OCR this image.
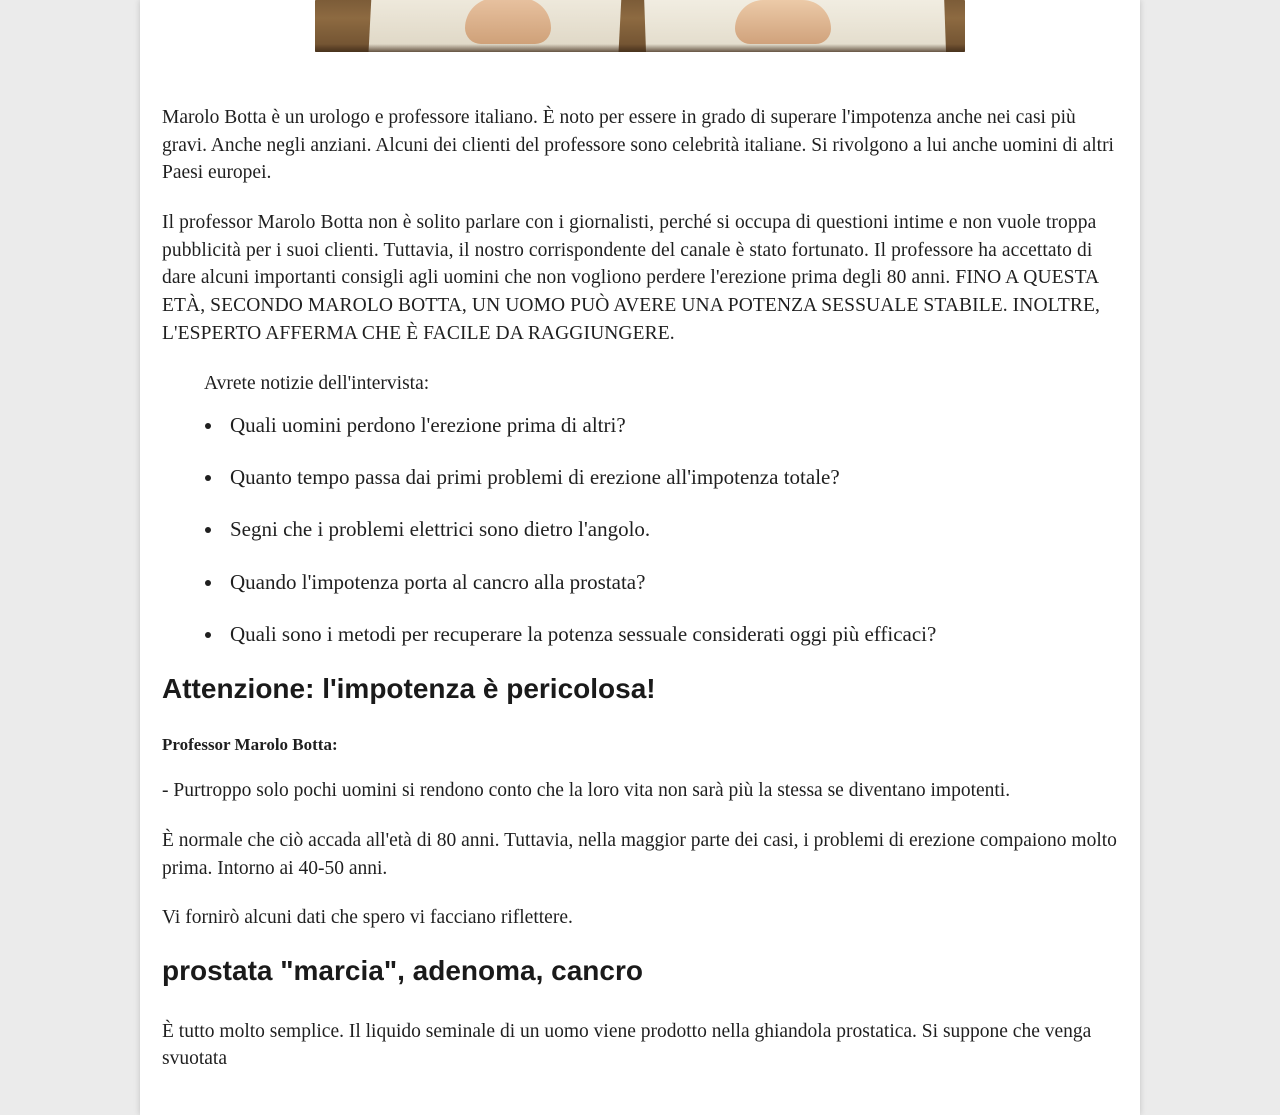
Marolo Botta è un urologo e professore italiano. È noto per essere in grado di superare l'impotenza anche nei casi più gravi. Anche negli anziani. Alcuni dei clienti del professore sono celebrità italiane. Si rivolgono a lui anche uomini di altri Paesi europei.

Il professor Marolo Botta non è solito parlare con i giornalisti, perché si occupa di questioni intime e non vuole troppa pubblicità per i suoi clienti. Tuttavia, il nostro corrispondente del canale è stato fortunato. Il professore ha accettato di dare alcuni importanti consigli agli uomini che non vogliono perdere l'erezione prima degli 80 anni. FINO A QUESTA ETÀ, SECONDO MAROLO BOTTA, UN UOMO PUÒ AVERE UNA POTENZA SESSUALE STABILE. INOLTRE, L'ESPERTO AFFERMA CHE È FACILE DA RAGGIUNGERE.

Avrete notizie dell'intervista:

• Quali uomini perdono l'erezione prima di altri?
• Quanto tempo passa dai primi problemi di erezione all'impotenza totale?
• Segni che i problemi elettrici sono dietro l'angolo.
• Quando l'impotenza porta al cancro alla prostata?
• Quali sono i metodi per recuperare la potenza sessuale considerati oggi più efficaci?
Attenzione: l'impotenza è pericolosa!

Professor Marolo Botta:

- Purtroppo solo pochi uomini si rendono conto che la loro vita non sarà più la stessa se diventano impotenti.

È normale che ciò accada all'età di 80 anni. Tuttavia, nella maggior parte dei casi, i problemi di erezione compaiono molto prima. Intorno ai 40-50 anni.

Vi fornirò alcuni dati che spero vi facciano riflettere.

prostata "marcia", adenoma, cancro

È tutto molto semplice. Il liquido seminale di un uomo viene prodotto nella ghiandola prostatica. Si suppone che venga svuotata
